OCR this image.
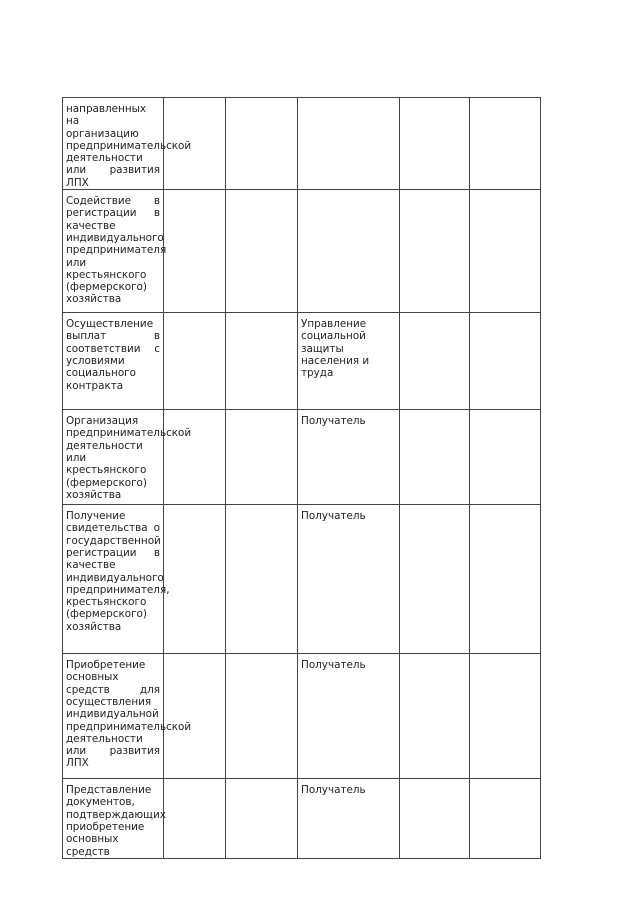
направленных на
организацию
предпринимательской деятельности
или развития ЛПХ					

Содействие в регистрации в качестве индивидуального предпринимателя или крестьянского (фермерского) хозяйства					

Осуществление выплат в соответствии с условиями социального контракта			Управление социальной защиты населения и труда		

Организация предпринимательской деятельности или крестьянского (фермерского) хозяйства			Получатель		

Получение свидетельства о государственной регистрации в качестве индивидуального предпринимателя, крестьянского (фермерского) хозяйства			Получатель		

Приобретение основных средств для осуществления индивидуальной предпринимательской деятельности или развития ЛПХ			Получатель		

Представление документов, подтверждающих приобретение основных средств			Получатель		
